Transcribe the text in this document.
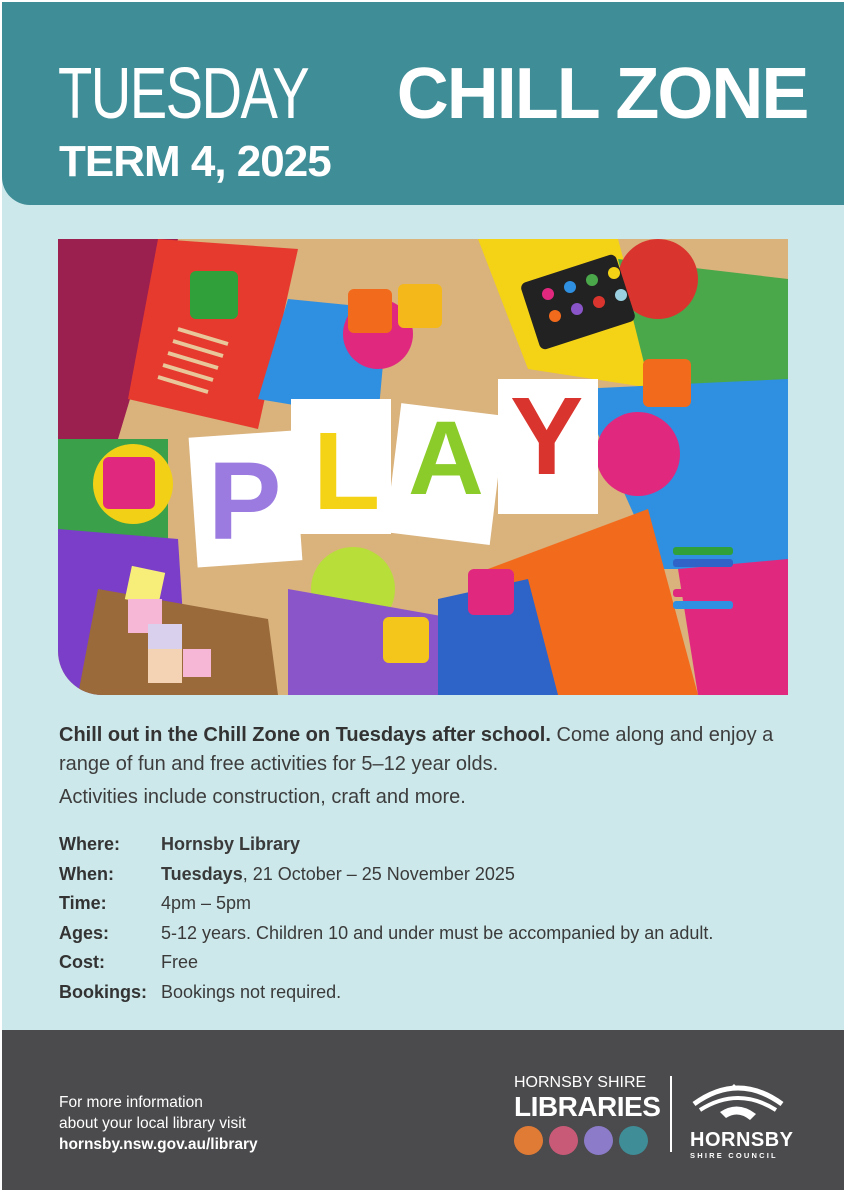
TUESDAY CHILL ZONE
TERM 4, 2025
P L A Y

Chill out in the Chill Zone on Tuesdays after school. Come along and enjoy a range of fun and free activities for 5–12 year olds.

Activities include construction, craft and more.

Where:	Hornsby Library
When:	Tuesdays, 21 October – 25 November 2025
Time:	4pm – 5pm
Ages:	5-12 years. Children 10 and under must be accompanied by an adult.
Cost:	Free
Bookings: Bookings not required.
For more information
about your local library visit
hornsby.nsw.gov.au/library
HORNSBY SHIRE
LIBRARIES
HORNSBY
SHIRE COUNCIL
